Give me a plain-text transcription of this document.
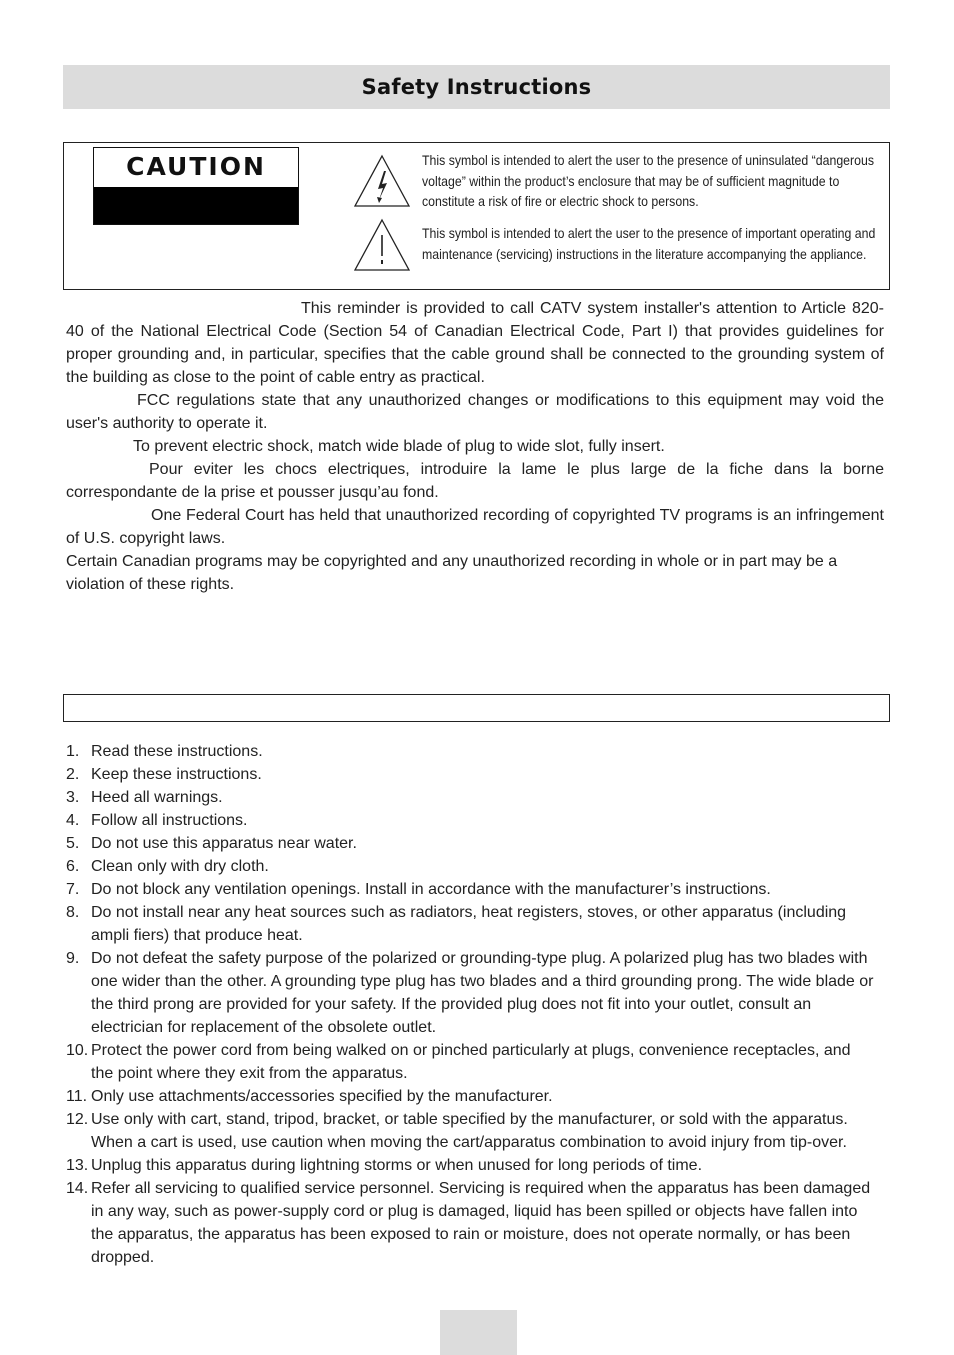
Safety Instructions
CAUTION	This symbol is intended to alert the user to the presence of uninsulated “dangerous voltage” within the product’s enclosure that may be of sufficient magnitude to constitute a risk of fire or electric shock to persons.
This symbol is intended to alert the user to the presence of important operating and maintenance (servicing) instructions in the literature accompanying the appliance.

This reminder is provided to call CATV system installer's attention to Article 820-40 of the National Electrical Code (Section 54 of Canadian Electrical Code, Part I) that provides guidelines for proper grounding and, in particular, specifies that the cable ground shall be connected to the grounding system of the building as close to the point of cable entry as practical.

FCC regulations state that any unauthorized changes or modifications to this equipment may void the user's authority to operate it.

To prevent electric shock, match wide blade of plug to wide slot, fully insert.

Pour eviter les chocs electriques, introduire la lame le plus large de la fiche dans la borne correspondante de la prise et pousser jusqu’au fond.

One Federal Court has held that unauthorized recording of copyrighted TV programs is an infringement of U.S. copyright laws.

Certain Canadian programs may be copyrighted and any unauthorized recording in whole or in part may be a violation of these rights.

1. Read these instructions.
2. Keep these instructions.
3. Heed all warnings.
4. Follow all instructions.
5. Do not use this apparatus near water.
6. Clean only with dry cloth.
7. Do not block any ventilation openings. Install in accordance with the manufacturer’s instructions.
8. Do not install near any heat sources such as radiators, heat registers, stoves, or other apparatus (including ampli fiers) that produce heat.
9. Do not defeat the safety purpose of the polarized or grounding-type plug. A polarized plug has two blades with one wider than the other. A grounding type plug has two blades and a third grounding prong. The wide blade or the third prong are provided for your safety. If the provided plug does not fit into your outlet, consult an electrician for replacement of the obsolete outlet.
10. Protect the power cord from being walked on or pinched particularly at plugs, convenience receptacles, and the point where they exit from the apparatus.
11. Only use attachments/accessories specified by the manufacturer.
12. Use only with cart, stand, tripod, bracket, or table specified by the manufacturer, or sold with the apparatus. When a cart is used, use caution when moving the cart/apparatus combination to avoid injury from tip-over.
13. Unplug this apparatus during lightning storms or when unused for long periods of time.
14. Refer all servicing to qualified service personnel. Servicing is required when the apparatus has been damaged in any way, such as power-supply cord or plug is damaged, liquid has been spilled or objects have fallen into the apparatus, the apparatus has been exposed to rain or moisture, does not operate normally, or has been dropped.
